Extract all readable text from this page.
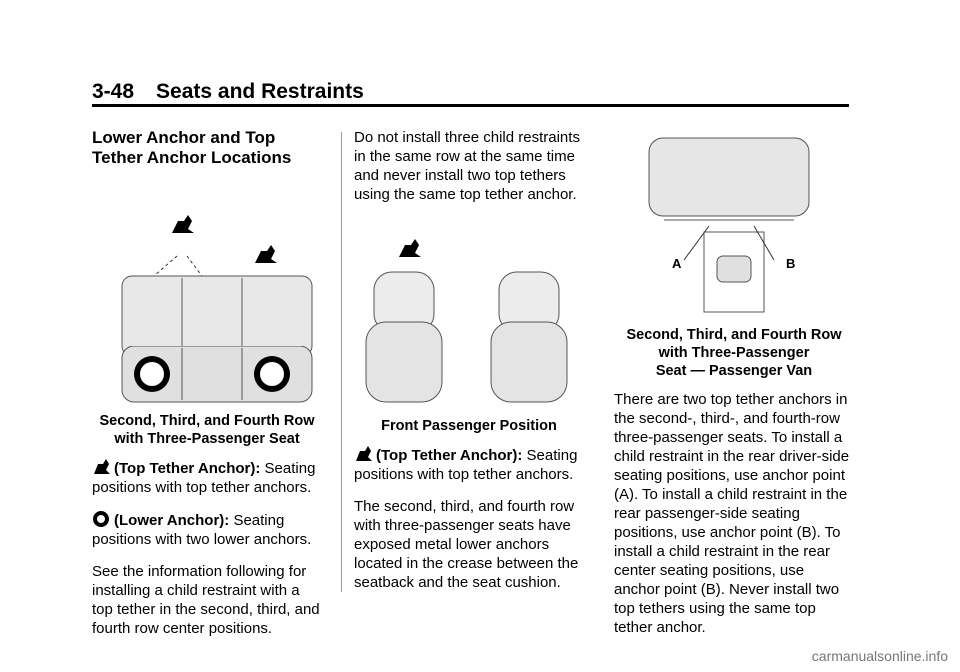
3-48 Seats and Restraints
Lower Anchor and Top Tether Anchor Locations
Second, Third, and Fourth Row
with Three-Passenger Seat

(Top Tether Anchor): Seating positions with top tether anchors.

(Lower Anchor): Seating positions with two lower anchors.

See the information following for installing a child restraint with a top tether in the second, third, and fourth row center positions.

Do not install three child restraints in the same row at the same time and never install two top tethers using the same top tether anchor.

Front Passenger Position

(Top Tether Anchor): Seating positions with top tether anchors.

The second, third, and fourth row with three-passenger seats have exposed metal lower anchors located in the crease between the seatback and the seat cushion.

A	B
Second, Third, and Fourth Row
with Three-Passenger
Seat — Passenger Van

There are two top tether anchors in the second-, third-, and fourth-row three-passenger seats. To install a child restraint in the rear driver-side seating positions, use anchor point (A). To install a child restraint in the rear passenger-side seating positions, use anchor point (B). To install a child restraint in the rear center seating positions, use anchor point (B). Never install two top tethers using the same top tether anchor.

carmanualsonline.info
